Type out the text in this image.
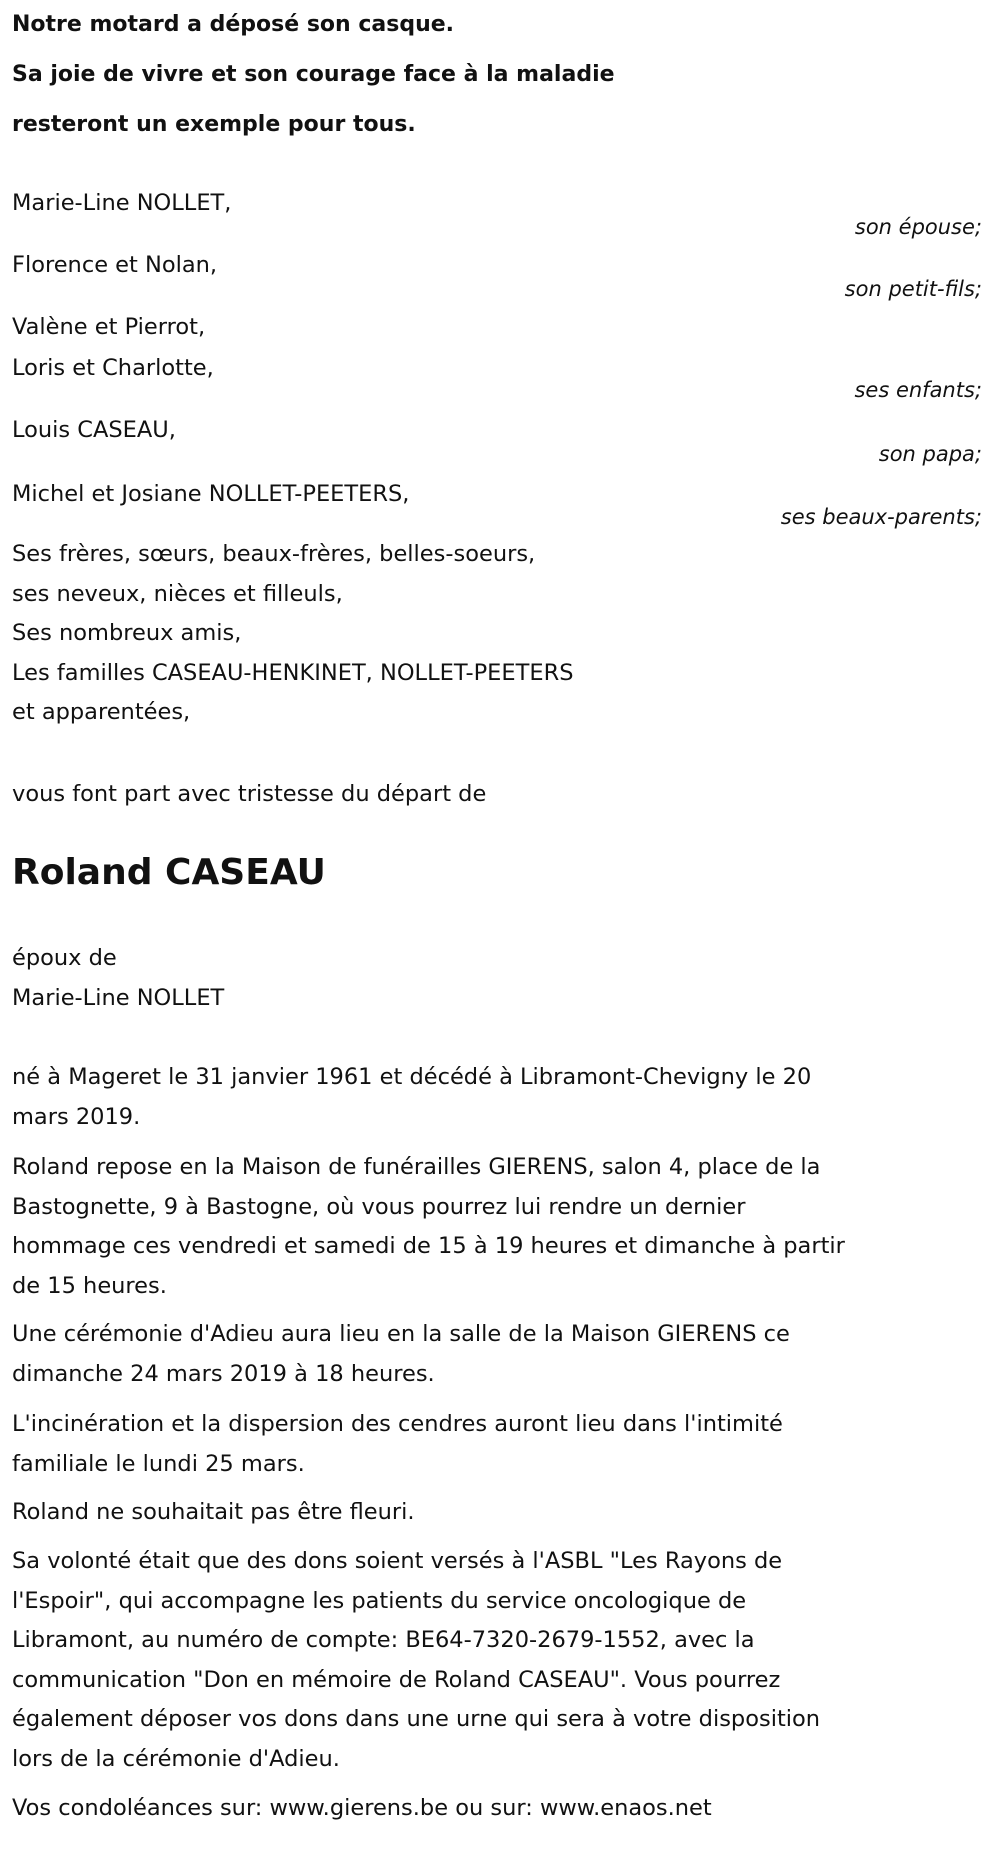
Notre motard a déposé son casque.
Sa joie de vivre et son courage face à la maladie
resteront un exemple pour tous.
Marie-Line NOLLET,
son épouse;
Florence et Nolan,
son petit-fils;
Valène et Pierrot,
Loris et Charlotte,
ses enfants;
Louis CASEAU,
son papa;
Michel et Josiane NOLLET-PEETERS,
ses beaux-parents;
Ses frères, sœurs, beaux-frères, belles-soeurs,
ses neveux, nièces et filleuls,
Ses nombreux amis,
Les familles CASEAU-HENKINET, NOLLET-PEETERS
et apparentées,
vous font part avec tristesse du départ de
Roland CASEAU
époux de
Marie-Line NOLLET
né à Mageret le 31 janvier 1961 et décédé à Libramont-Chevigny le 20
mars 2019.
Roland repose en la Maison de funérailles GIERENS, salon 4, place de la
Bastognette, 9 à Bastogne, où vous pourrez lui rendre un dernier
hommage ces vendredi et samedi de 15 à 19 heures et dimanche à partir
de 15 heures.
Une cérémonie d'Adieu aura lieu en la salle de la Maison GIERENS ce
dimanche 24 mars 2019 à 18 heures.
L'incinération et la dispersion des cendres auront lieu dans l'intimité
familiale le lundi 25 mars.
Roland ne souhaitait pas être fleuri.
Sa volonté était que des dons soient versés à l'ASBL "Les Rayons de
l'Espoir", qui accompagne les patients du service oncologique de
Libramont, au numéro de compte: BE64-7320-2679-1552, avec la
communication "Don en mémoire de Roland CASEAU". Vous pourrez
également déposer vos dons dans une urne qui sera à votre disposition
lors de la cérémonie d'Adieu.
Vos condoléances sur: www.gierens.be ou sur: www.enaos.net
